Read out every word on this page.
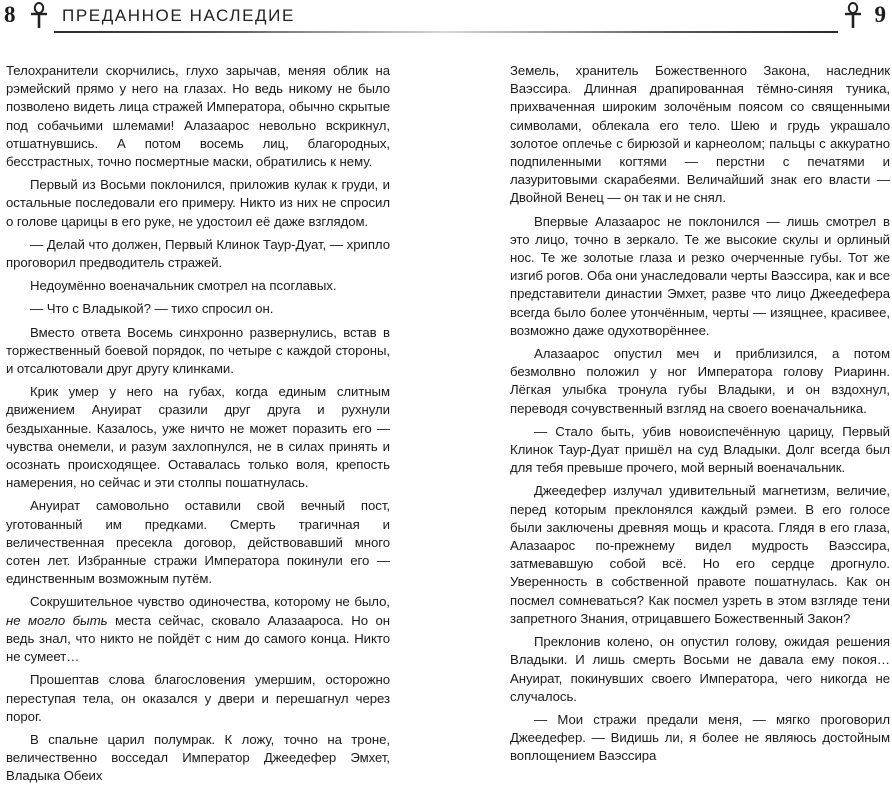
8	ПРЕДАННОЕ НАСЛЕДИЕ	9

Телохранители скорчились, глухо зарычав, меняя облик на рэмейский прямо у него на глазах. Но ведь никому не было позволено видеть лица стражей Императора, обычно скрытые под собачьими шлемами! Алазаарос невольно вскрикнул, отшатнувшись. А потом восемь лиц, благородных, бесстрастных, точно посмертные маски, обратились к нему.

Первый из Восьми поклонился, приложив кулак к груди, и остальные последовали его примеру. Никто из них не спросил о голове царицы в его руке, не удостоил её даже взглядом.

— Делай что должен, Первый Клинок Таур-Дуат, — хрипло проговорил предводитель стражей.

Недоумённо военачальник смотрел на псоглавых.

— Что с Владыкой? — тихо спросил он.

Вместо ответа Восемь синхронно развернулись, встав в торжественный боевой порядок, по четыре с каждой стороны, и отсалютовали друг другу клинками.

Крик умер у него на губах, когда единым слитным движением Ануират сразили друг друга и рухнули бездыханные. Казалось, уже ничто не может поразить его — чувства онемели, и разум захлопнулся, не в силах принять и осознать происходящее. Оставалась только воля, крепость намерения, но сейчас и эти столпы пошатнулась.

Ануират самовольно оставили свой вечный пост, уготованный им предками. Смерть трагичная и величественная пресекла договор, действовавший много сотен лет. Избранные стражи Императора покинули его — единственным возможным путём.

Сокрушительное чувство одиночества, которому не было, не могло быть места сейчас, сковало Алазаароса. Но он ведь знал, что никто не пойдёт с ним до самого конца. Никто не сумеет…

Прошептав слова благословения умершим, осторожно переступая тела, он оказался у двери и перешагнул через порог.

В спальне царил полумрак. К ложу, точно на троне, величественно восседал Император Джеедефер Эмхет, Владыка Обеих

Земель, хранитель Божественного Закона, наследник Ваэссира. Длинная драпированная тёмно-синяя туника, прихваченная широким золочёным поясом со священными символами, облекала его тело. Шею и грудь украшало золотое оплечье с бирюзой и карнеолом; пальцы с аккуратно подпиленными когтями — перстни с печатями и лазуритовыми скарабеями. Величайший знак его власти — Двойной Венец — он так и не снял.

Впервые Алазаарос не поклонился — лишь смотрел в это лицо, точно в зеркало. Те же высокие скулы и орлиный нос. Те же золотые глаза и резко очерченные губы. Тот же изгиб рогов. Оба они унаследовали черты Ваэссира, как и все представители династии Эмхет, разве что лицо Джеедефера всегда было более утончённым, черты — изящнее, красивее, возможно даже одухотворённее.

Алазаарос опустил меч и приблизился, а потом безмолвно положил у ног Императора голову Риаринн. Лёгкая улыбка тронула губы Владыки, и он вздохнул, переводя сочувственный взгляд на своего военачальника.

— Стало быть, убив новоиспечённую царицу, Первый Клинок Таур-Дуат пришёл на суд Владыки. Долг всегда был для тебя превыше прочего, мой верный военачальник.

Джеедефер излучал удивительный магнетизм, величие, перед которым преклонялся каждый рэмеи. В его голосе были заключены древняя мощь и красота. Глядя в его глаза, Алазаарос по-прежнему видел мудрость Ваэссира, затмевавшую собой всё. Но его сердце дрогнуло. Уверенность в собственной правоте пошатнулась. Как он посмел сомневаться? Как посмел узреть в этом взгляде тени запретного Знания, отрицавшего Божественный Закон?

Преклонив колено, он опустил голову, ожидая решения Владыки. И лишь смерть Восьми не давала ему покоя… Ануират, покинувших своего Императора, чего никогда не случалось.

— Мои стражи предали меня, — мягко проговорил Джеедефер. — Видишь ли, я более не являюсь достойным воплощением Ваэссира
